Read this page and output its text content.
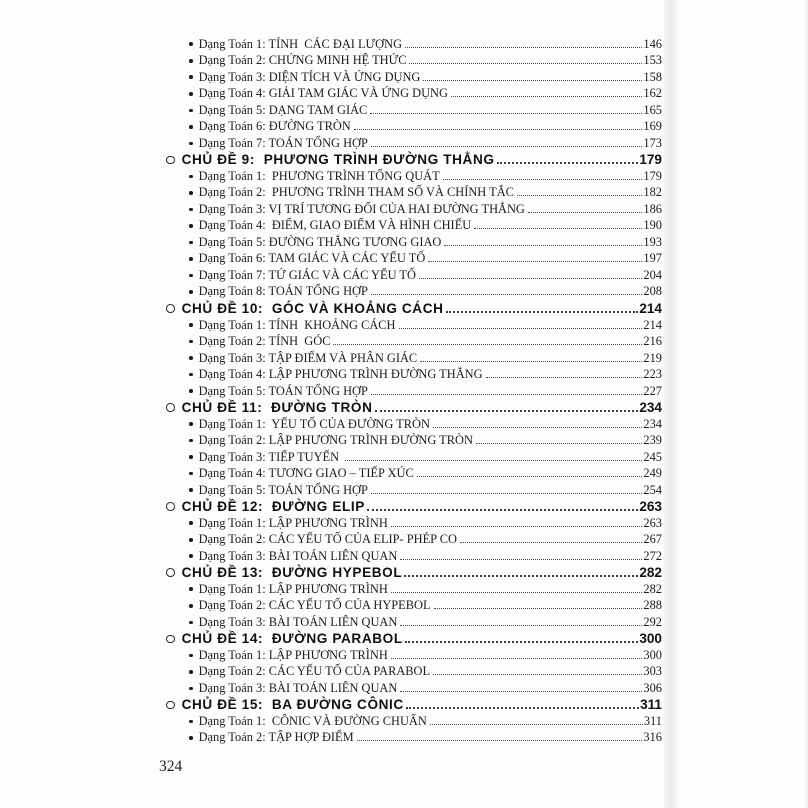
Dạng Toán 1: TÍNH  CÁC ĐẠI LƯỢNG	146
Dạng Toán 2: CHỨNG MINH HỆ THỨC	153
Dạng Toán 3: DIỆN TÍCH VÀ ỨNG DỤNG	158
Dạng Toán 4: GIẢI TAM GIÁC VÀ ỨNG DỤNG	162
Dạng Toán 5: DẠNG TAM GIÁC	165
Dạng Toán 6: ĐƯỜNG TRÒN	169
Dạng Toán 7: TOÁN TỔNG HỢP	173
CHỦ ĐỀ 9:  PHƯƠNG TRÌNH ĐƯỜNG THẲNG	179
Dạng Toán 1:  PHƯƠNG TRÌNH TỔNG QUÁT	179
Dạng Toán 2:  PHƯƠNG TRÌNH THAM SỐ VÀ CHÍNH TẮC	182
Dạng Toán 3: VỊ TRÍ TƯƠNG ĐỐI CỦA HAI ĐƯỜNG THẲNG	186
Dạng Toán 4:  ĐIỂM, GIAO ĐIỂM VÀ HÌNH CHIẾU	190
Dạng Toán 5: ĐƯỜNG THẲNG TƯƠNG GIAO	193
Dạng Toán 6: TAM GIÁC VÀ CÁC YẾU TỐ	197
Dạng Toán 7: TỨ GIÁC VÀ CÁC YẾU TỐ	204
Dạng Toán 8: TOÁN TỔNG HỢP	208
CHỦ ĐỀ 10:  GÓC VÀ KHOẢNG CÁCH	214
Dạng Toán 1: TÍNH  KHOẢNG CÁCH	214
Dạng Toán 2: TÍNH  GÓC	216
Dạng Toán 3: TẬP ĐIỂM VÀ PHÂN GIÁC	219
Dạng Toán 4: LẬP PHƯƠNG TRÌNH ĐƯỜNG THẲNG	223
Dạng Toán 5: TOÁN TỔNG HỢP	227
CHỦ ĐỀ 11:  ĐƯỜNG TRÒN	234
Dạng Toán 1:  YẾU TỐ CỦA ĐƯỜNG TRÒN	234
Dạng Toán 2: LẬP PHƯƠNG TRÌNH ĐƯỜNG TRÒN	239
Dạng Toán 3: TIẾP TUYẾN	245
Dạng Toán 4: TƯƠNG GIAO – TIẾP XÚC	249
Dạng Toán 5: TOÁN TỔNG HỢP	254
CHỦ ĐỀ 12:  ĐƯỜNG ELIP	263
Dạng Toán 1: LẬP PHƯƠNG TRÌNH	263
Dạng Toán 2: CÁC YẾU TỐ CỦA ELIP- PHÉP CO	267
Dạng Toán 3: BÀI TOÁN LIÊN QUAN	272
CHỦ ĐỀ 13:  ĐƯỜNG HYPEBOL	282
Dạng Toán 1: LẬP PHƯƠNG TRÌNH	282
Dạng Toán 2: CÁC YẾU TỐ CỦA HYPEBOL	288
Dạng Toán 3: BÀI TOÁN LIÊN QUAN	292
CHỦ ĐỀ 14:  ĐƯỜNG PARABOL	300
Dạng Toán 1: LẬP PHƯƠNG TRÌNH	300
Dạng Toán 2: CÁC YẾU TỐ CỦA PARABOL	303
Dạng Toán 3: BÀI TOÁN LIÊN QUAN	306
CHỦ ĐỀ 15:  BA ĐƯỜNG CÔNIC	311
Dạng Toán 1:  CÔNIC VÀ ĐƯỜNG CHUẨN	311
Dạng Toán 2: TẬP HỢP ĐIỂM	316
324
